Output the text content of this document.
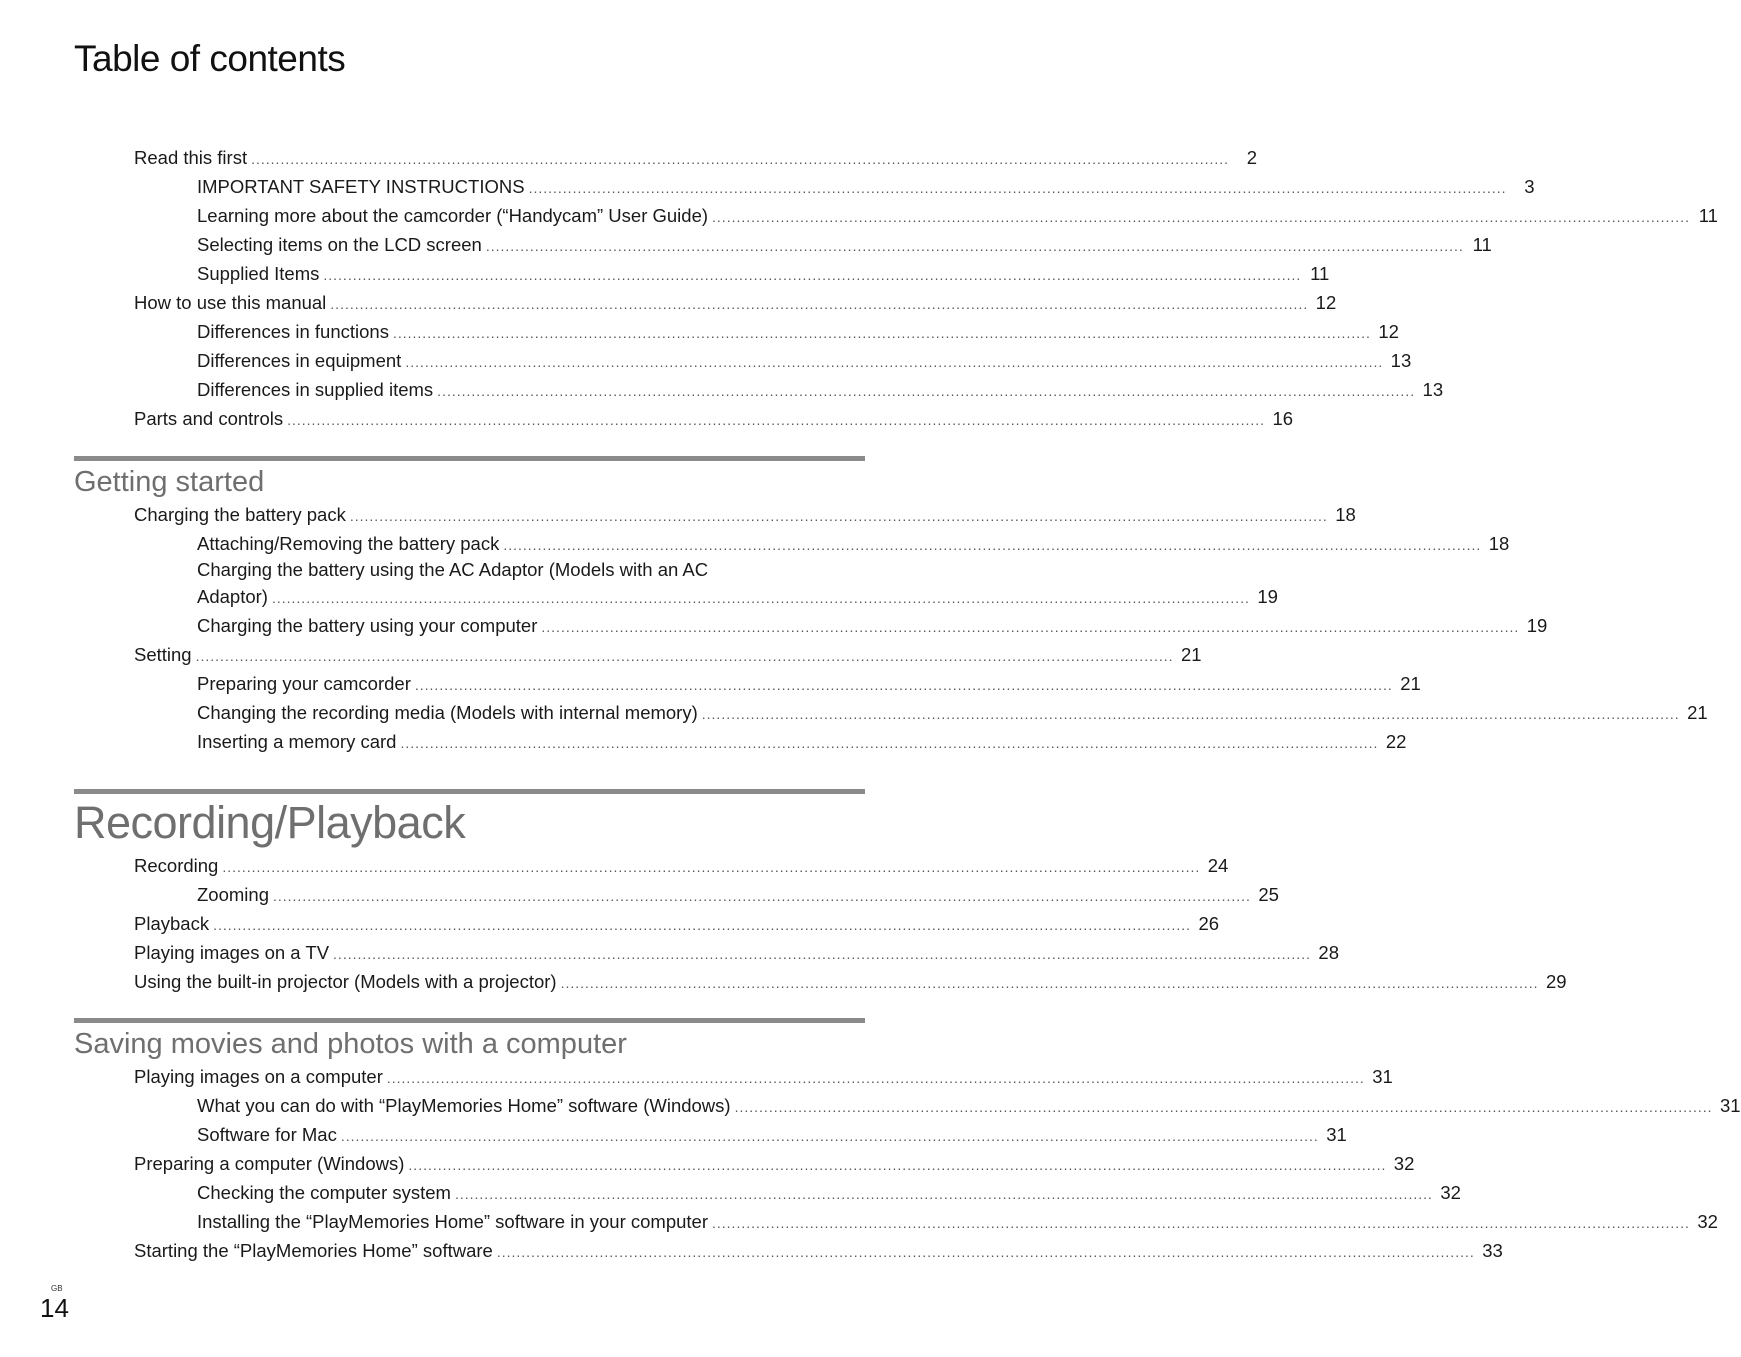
Table of contents
Read this first .....	2
IMPORTANT SAFETY INSTRUCTIONS .....	3
Learning more about the camcorder (“Handycam” User Guide) .....	11
Selecting items on the LCD screen .....	11
Supplied Items .....	11
How to use this manual .....	12
Differences in functions .....	12
Differences in equipment .....	13
Differences in supplied items .....	13
Parts and controls .....	16
Getting started
Charging the battery pack .....	18
Attaching/Removing the battery pack .....	18
Charging the battery using the AC Adaptor (Models with an AC
Adaptor) .....	19
Charging the battery using your computer .....	19
Setting .....	21
Preparing your camcorder .....	21
Changing the recording media (Models with internal memory) .....	21
Inserting a memory card .....	22
Recording/Playback
Recording .....	24
Zooming .....	25
Playback .....	26
Playing images on a TV .....	28
Using the built-in projector (Models with a projector) .....	29
Saving movies and photos with a computer
Playing images on a computer .....	31
What you can do with “PlayMemories Home” software (Windows) .....	31
Software for Mac .....	31
Preparing a computer (Windows) .....	32
Checking the computer system .....	32
Installing the “PlayMemories Home” software in your computer .....	32
Starting the “PlayMemories Home” software .....	33
GB
14
